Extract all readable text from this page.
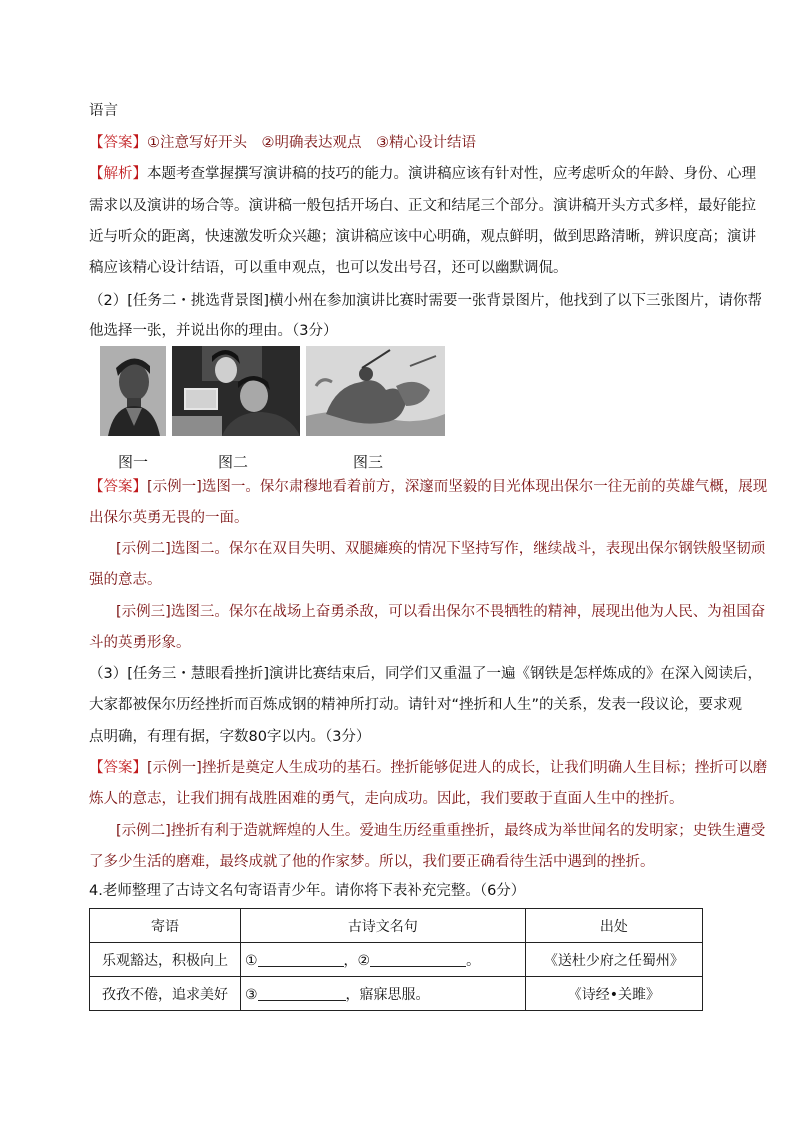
语言
【答案】①注意写好开头　②明确表达观点　③精心设计结语
【解析】本题考查掌握撰写演讲稿的技巧的能力。演讲稿应该有针对性，应考虑听众的年龄、身份、心理
需求以及演讲的场合等。演讲稿一般包括开场白、正文和结尾三个部分。演讲稿开头方式多样，最好能拉
近与听众的距离，快速激发听众兴趣；演讲稿应该中心明确，观点鲜明，做到思路清晰，辨识度高；演讲
稿应该精心设计结语，可以重申观点，也可以发出号召，还可以幽默调侃。
（2）[任务二・挑选背景图]横小州在参加演讲比赛时需要一张背景图片，他找到了以下三张图片，请你帮
他选择一张，并说出你的理由。（3分）
图一	图二	图三
【答案】[示例一]选图一。保尔肃穆地看着前方，深邃而坚毅的目光体现出保尔一往无前的英雄气概，展现
出保尔英勇无畏的一面。
[示例二]选图二。保尔在双目失明、双腿瘫痪的情况下坚持写作，继续战斗，表现出保尔钢铁般坚韧顽
强的意志。
[示例三]选图三。保尔在战场上奋勇杀敌，可以看出保尔不畏牺牲的精神，展现出他为人民、为祖国奋
斗的英勇形象。
（3）[任务三・慧眼看挫折]演讲比赛结束后，同学们又重温了一遍《钢铁是怎样炼成的》在深入阅读后，
大家都被保尔历经挫折而百炼成钢的精神所打动。请针对“挫折和人生”的关系，发表一段议论，要求观
点明确，有理有据，字数80字以内。（3分）
【答案】[示例一]挫折是奠定人生成功的基石。挫折能够促进人的成长，让我们明确人生目标；挫折可以磨
炼人的意志，让我们拥有战胜困难的勇气，走向成功。因此，我们要敢于直面人生中的挫折。
[示例二]挫折有利于造就辉煌的人生。爱迪生历经重重挫折，最终成为举世闻名的发明家；史铁生遭受
了多少生活的磨难，最终成就了他的作家梦。所以，我们要正确看待生活中遇到的挫折。
4.老师整理了古诗文名句寄语青少年。请你将下表补充完整。（6分）
寄语	古诗文名句	出处
乐观豁达，积极向上	① ，② 。	《送杜少府之任蜀州》
孜孜不倦，追求美好	③ ，寤寐思服。	《诗经•关雎》
